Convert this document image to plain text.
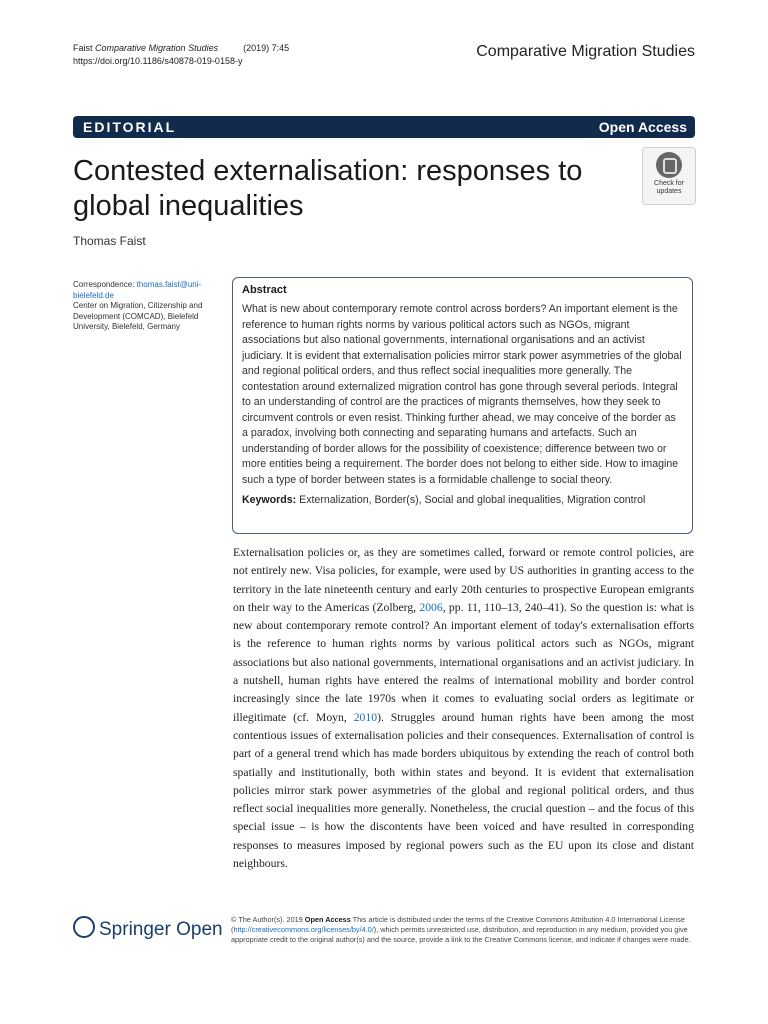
Faist Comparative Migration Studies	(2019) 7:45
https://doi.org/10.1186/s40878-019-0158-y
Comparative Migration Studies
EDITORIAL	Open Access
Contested externalisation: responses to global inequalities
Check for
updates
Thomas Faist
Correspondence: thomas.faist@uni-bielefeld.de
Center on Migration, Citizenship and Development (COMCAD), Bielefeld University, Bielefeld, Germany
Abstract

What is new about contemporary remote control across borders? An important element is the reference to human rights norms by various political actors such as NGOs, migrant associations but also national governments, international organisations and an activist judiciary. It is evident that externalisation policies mirror stark power asymmetries of the global and regional political orders, and thus reflect social inequalities more generally. The contestation around externalized migration control has gone through several periods. Integral to an understanding of control are the practices of migrants themselves, how they seek to circumvent controls or even resist. Thinking further ahead, we may conceive of the border as a paradox, involving both connecting and separating humans and artefacts. Such an understanding of border allows for the possibility of coexistence; difference between two or more entities being a requirement. The border does not belong to either side. How to imagine such a type of border between states is a formidable challenge to social theory.

Keywords: Externalization, Border(s), Social and global inequalities, Migration control
Externalisation policies or, as they are sometimes called, forward or remote control policies, are not entirely new. Visa policies, for example, were used by US authorities in granting access to the territory in the late nineteenth century and early 20th centuries to prospective European emigrants on their way to the Americas (Zolberg, 2006, pp. 11, 110–13, 240–41). So the question is: what is new about contemporary remote control? An important element of today's externalisation efforts is the reference to human rights norms by various political actors such as NGOs, migrant associations but also national governments, international organisations and an activist judiciary. In a nutshell, human rights have entered the realms of international mobility and border control increasingly since the late 1970s when it comes to evaluating social orders as legitimate or illegitimate (cf. Moyn, 2010). Struggles around human rights have been among the most contentious issues of externalisation policies and their consequences. Externalisation of control is part of a general trend which has made borders ubiquitous by extending the reach of control both spatially and institutionally, both within states and beyond. It is evident that externalisation policies mirror stark power asymmetries of the global and regional political orders, and thus reflect social inequalities more generally. Nonetheless, the crucial question – and the focus of this special issue – is how the discontents have been voiced and have resulted in corresponding responses to measures imposed by regional powers such as the EU upon its close and distant neighbours.
Springer Open © The Author(s). 2019 Open Access This article is distributed under the terms of the Creative Commons Attribution 4.0 International License (http://creativecommons.org/licenses/by/4.0/), which permits unrestricted use, distribution, and reproduction in any medium, provided you give appropriate credit to the original author(s) and the source, provide a link to the Creative Commons license, and indicate if changes were made.
